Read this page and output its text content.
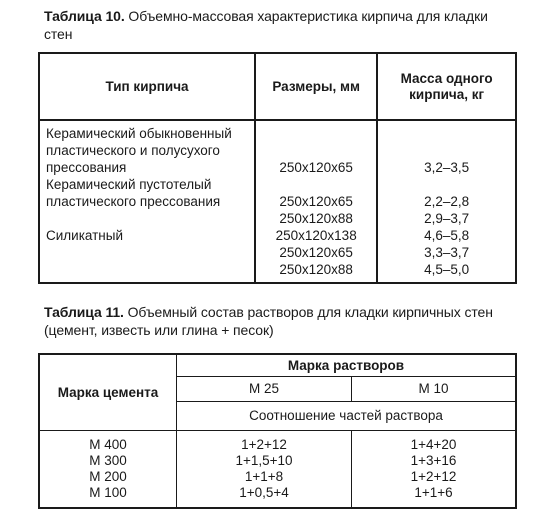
Таблица 10. Объемно-массовая характеристика кирпича для кладки стен
Тип кирпича	Размеры, мм	Масса одного кирпича, кг

Керамический обыкновенный		
пластического и полусухого		
прессования	250x120x65	3,2–3,5
Керамический пустотелый		
пластического прессования	250x120x65	2,2–2,8
	250x120x88	2,9–3,7
Силикатный	250x120x138	4,6–5,8
	250x120x65	3,3–3,7
	250x120x88	4,5–5,0

Таблица 11. Объемный состав растворов для кладки кирпичных стен (цемент, известь или глина + песок)
Марка цемента	Марка растворов	
	М 25	М 10
	Соотношение частей раствора	
М 400	1+2+12	1+4+20
М 300	1+1,5+10	1+3+16
М 200	1+1+8	1+2+12
М 100	1+0,5+4	1+1+6
